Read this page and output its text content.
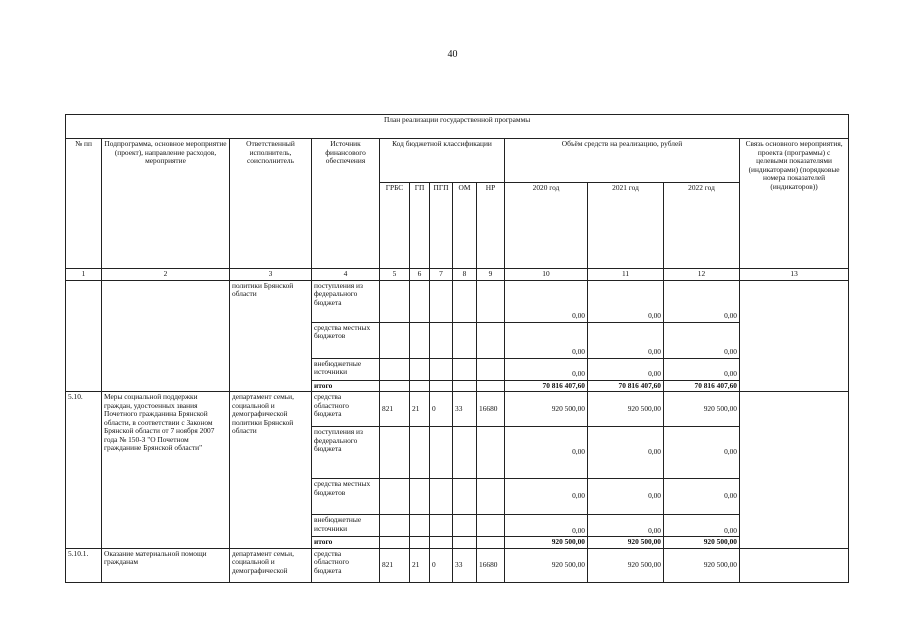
40
План реализации государственной программы												
№ пп	Подпрограмма, основное мероприятие (проект), направление расходов, мероприятие	Ответственный исполнитель, соисполнитель	Источник финансового обеспечения	Код бюджетной классификации					Объём средств на реализацию, рублей			Связь основного мероприятия, проекта (программы) с целевыми показателями (индикаторами) (порядковые номера показателей (индикаторов))
				ГРБС	ГП	ПГП	ОМ	НР	2020 год	2021 год	2022 год	
1	2	3	4	5	6	7	8	9	10	11	12	13
		политики Брянской области	поступления из федерального бюджета						0,00	0,00	0,00	
			средства местных бюджетов						0,00	0,00	0,00	
			внебюджетные источники						0,00	0,00	0,00	
			итого						70 816 407,60	70 816 407,60	70 816 407,60	
5.10.	Меры социальной поддержки граждан, удостоенных звания Почетного гражданина Брянской области, в соответствии с Законом Брянской области от 7 ноября 2007 года № 150-З "О Почетном гражданине Брянской области"	департамент семьи, социальной и демографической политики Брянской области	средства областного бюджета	821	21	0	33	16680	920 500,00	920 500,00	920 500,00	
			поступления из федерального бюджета						0,00	0,00	0,00	
			средства местных бюджетов						0,00	0,00	0,00	
			внебюджетные источники						0,00	0,00	0,00	
			итого						920 500,00	920 500,00	920 500,00	
5.10.1.	Оказание материальной помощи гражданам	департамент семьи, социальной и демографической	средства областного бюджета	821	21	0	33	16680	920 500,00	920 500,00	920 500,00	
